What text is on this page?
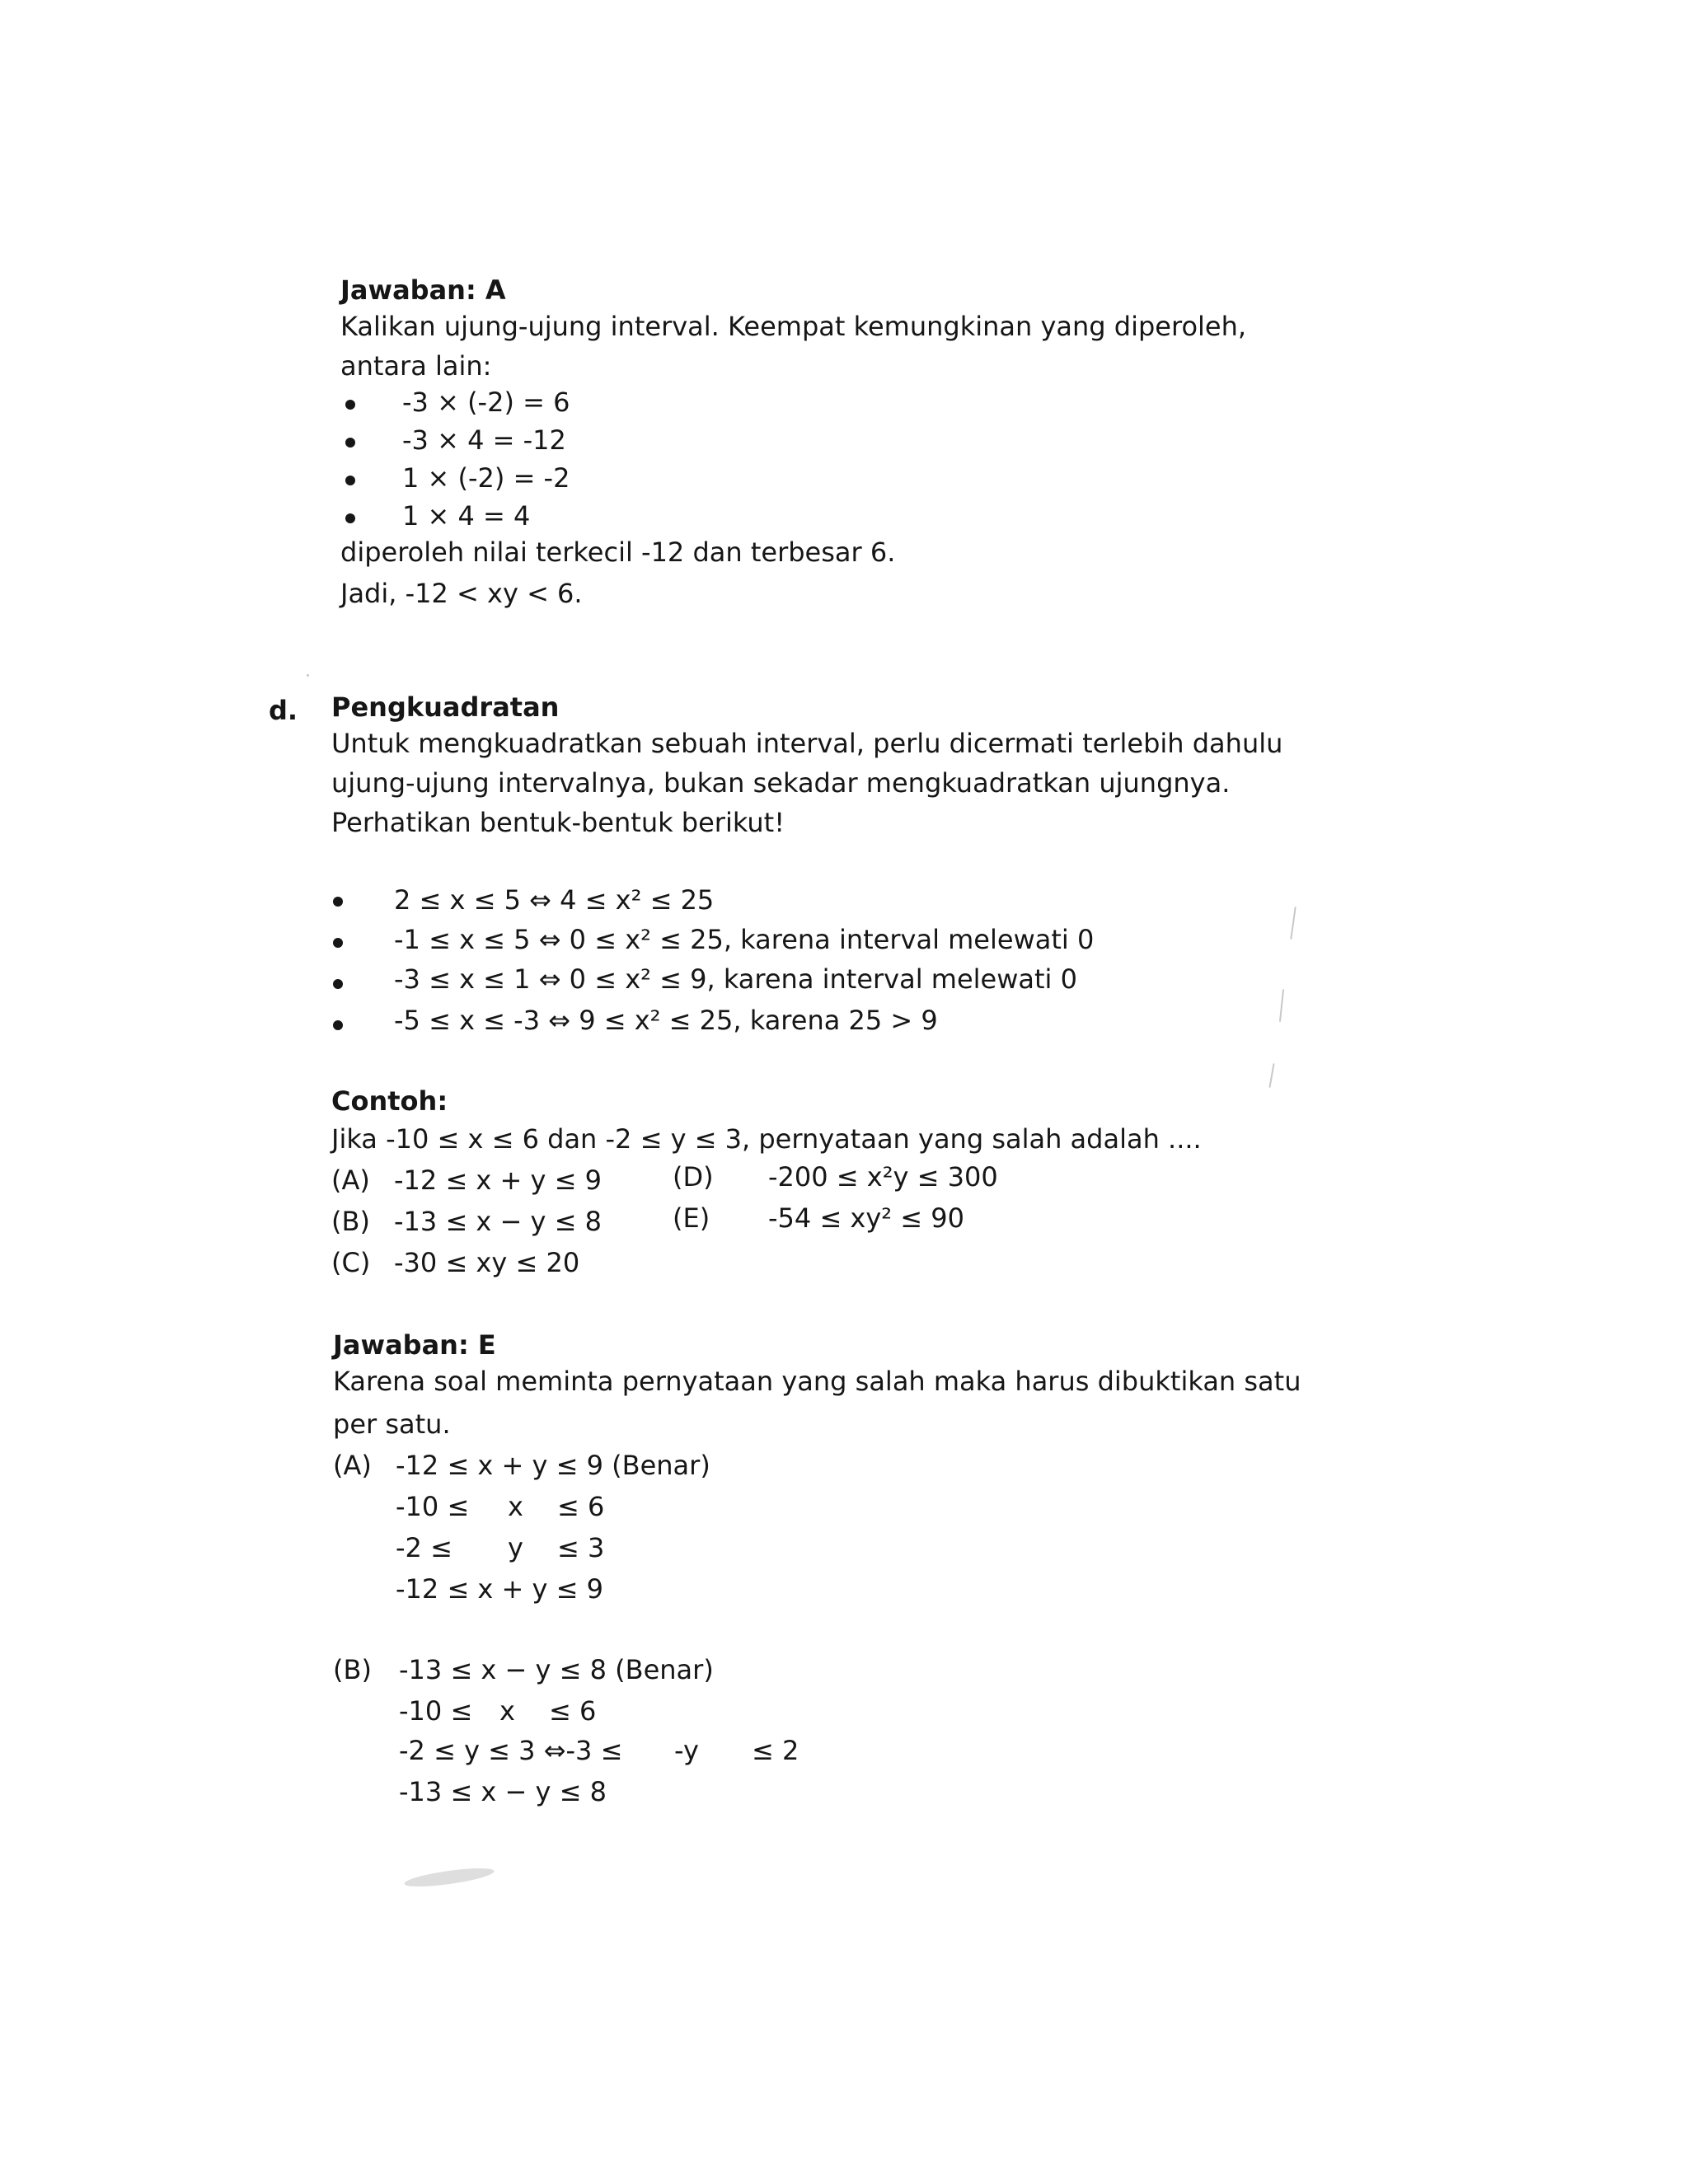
Jawaban: A
Kalikan ujung-ujung interval. Keempat kemungkinan yang diperoleh,
antara lain:
-3 × (-2) = 6
-3 × 4 = -12
1 × (-2) = -2
1 × 4 = 4
diperoleh nilai terkecil -12 dan terbesar 6.
Jadi, -12 < xy < 6.
d. Pengkuadratan
Untuk mengkuadratkan sebuah interval, perlu dicermati terlebih dahulu
ujung-ujung intervalnya, bukan sekadar mengkuadratkan ujungnya.
Perhatikan bentuk-bentuk berikut!
2 ≤ x ≤ 5 ⇔ 4 ≤ x² ≤ 25
-1 ≤ x ≤ 5 ⇔ 0 ≤ x² ≤ 25, karena interval melewati 0
-3 ≤ x ≤ 1 ⇔ 0 ≤ x² ≤ 9, karena interval melewati 0
-5 ≤ x ≤ -3 ⇔ 9 ≤ x² ≤ 25, karena 25 > 9
Contoh:
Jika -10 ≤ x ≤ 6 dan -2 ≤ y ≤ 3, pernyataan yang salah adalah ....
(A) -12 ≤ x + y ≤ 9	(D) -200 ≤ x²y ≤ 300
(B) -13 ≤ x − y ≤ 8	(E) -54 ≤ xy² ≤ 90
(C) -30 ≤ xy ≤ 20
Jawaban: E
Karena soal meminta pernyataan yang salah maka harus dibuktikan satu
per satu.
(A) -12 ≤ x + y ≤ 9 (Benar)
-10 ≤ x ≤ 6
-2 ≤ y ≤ 3
-12 ≤ x + y ≤ 9
(B) -13 ≤ x − y ≤ 8 (Benar)
-10 ≤ x ≤ 6
-2 ≤ y ≤ 3 ⇔-3 ≤ -y ≤ 2
-13 ≤ x − y ≤ 8
